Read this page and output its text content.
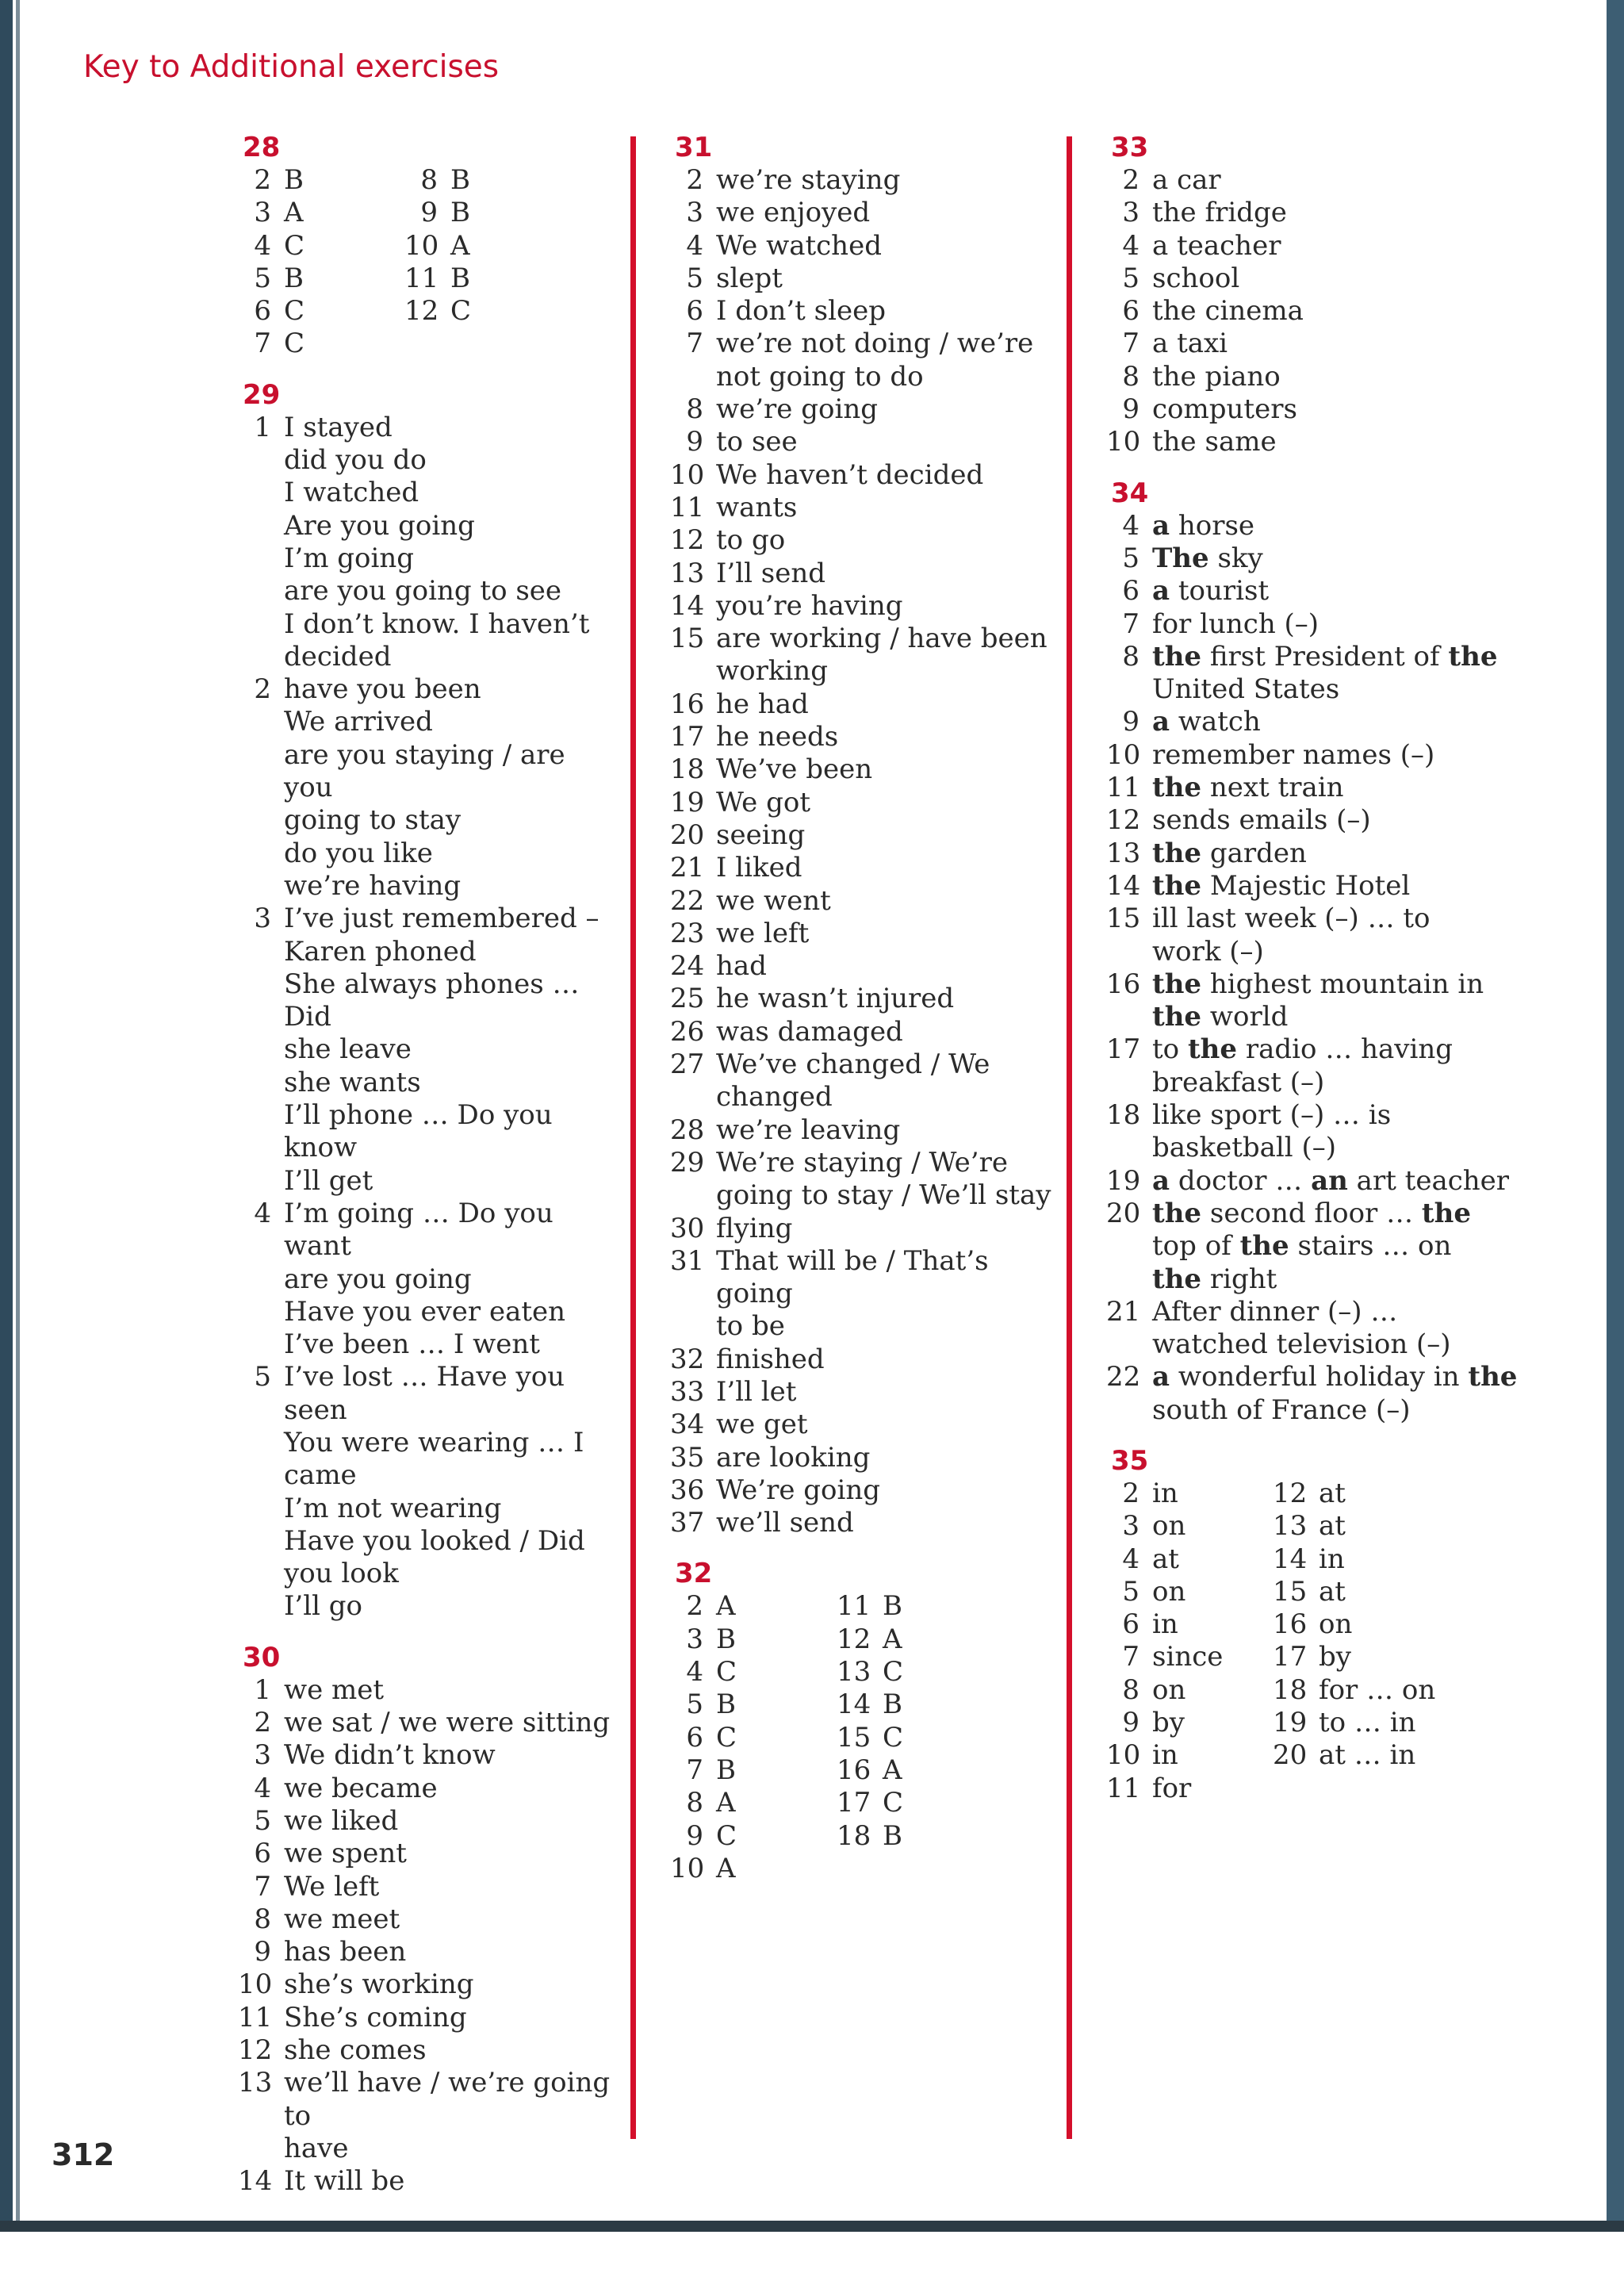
Key to Additional exercises
28
2 B
3 A
4 C
5 B
6 C
7 C
8 B
9 B
10 A
11 B
12 C
29
1 I stayed
did you do
I watched
Are you going
I’m going
are you going to see
I don’t know. I haven’t
decided
2 have you been
We arrived
are you staying / are you
going to stay
do you like
we’re having
3 I’ve just remembered –
Karen phoned
She always phones … Did
she leave
she wants
I’ll phone … Do you
know
I’ll get
4 I’m going … Do you
want
are you going
Have you ever eaten
I’ve been … I went
5 I’ve lost … Have you seen
You were wearing … I
came
I’m not wearing
Have you looked / Did
you look
I’ll go
30
1 we met
2 we sat / we were sitting
3 We didn’t know
4 we became
5 we liked
6 we spent
7 We left
8 we meet
9 has been
10 she’s working
11 She’s coming
12 she comes
13 we’ll have / we’re going to
have
14 It will be
31
2 we’re staying
3 we enjoyed
4 We watched
5 slept
6 I don’t sleep
7 we’re not doing / we’re
not going to do
8 we’re going
9 to see
10 We haven’t decided
11 wants
12 to go
13 I’ll send
14 you’re having
15 are working / have been
working
16 he had
17 he needs
18 We’ve been
19 We got
20 seeing
21 I liked
22 we went
23 we left
24 had
25 he wasn’t injured
26 was damaged
27 We’ve changed / We
changed
28 we’re leaving
29 We’re staying / We’re
going to stay / We’ll stay
30 flying
31 That will be / That’s going
to be
32 finished
33 I’ll let
34 we get
35 are looking
36 We’re going
37 we’ll send
32
2 A
3 B
4 C
5 B
6 C
7 B
8 A
9 C
10 A
11 B
12 A
13 C
14 B
15 C
16 A
17 C
18 B
33
2 a car
3 the fridge
4 a teacher
5 school
6 the cinema
7 a taxi
8 the piano
9 computers
10 the same
34
4 a horse
5 The sky
6 a tourist
7 for lunch (–)
8 the first President of the
United States
9 a watch
10 remember names (–)
11 the next train
12 sends emails (–)
13 the garden
14 the Majestic Hotel
15 ill last week (–) … to
work (–)
16 the highest mountain in
the world
17 to the radio … having
breakfast (–)
18 like sport (–) … is
basketball (–)
19 a doctor … an art teacher
20 the second floor … the
top of the stairs … on
the right
21 After dinner (–) …
watched television (–)
22 a wonderful holiday in the
south of France (–)
35
2 in
3 on
4 at
5 on
6 in
7 since
8 on
9 by
10 in
11 for
12 at
13 at
14 in
15 at
16 on
17 by
18 for … on
19 to … in
20 at … in
312
